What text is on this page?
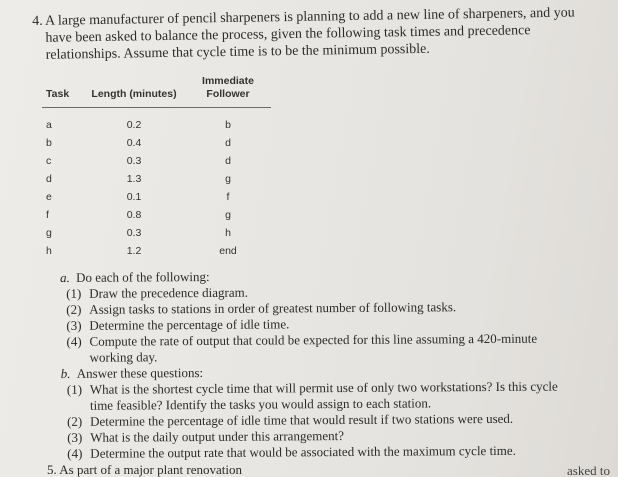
4. A large manufacturer of pencil sharpeners is planning to add a new line of sharpeners, and you have been asked to balance the process, given the following task times and precedence relationships. Assume that cycle time is to be the minimum possible.
Task	Length (minutes)	Immediate Follower
a	0.2	b
b	0.4	d
c	0.3	d
d	1.3	g
e	0.1	f
f	0.8	g
g	0.3	h
h	1.2	end
a. Do each of the following:
(1) Draw the precedence diagram.
(2) Assign tasks to stations in order of greatest number of following tasks.
(3) Determine the percentage of idle time.
(4) Compute the rate of output that could be expected for this line assuming a 420-minute working day.
b. Answer these questions:
(1) What is the shortest cycle time that will permit use of only two workstations? Is this cycle time feasible? Identify the tasks you would assign to each station.
(2) Determine the percentage of idle time that would result if two stations were used.
(3) What is the daily output under this arrangement?
(4) Determine the output rate that would be associated with the maximum cycle time.
5. As part of a major plant renovation	asked to
